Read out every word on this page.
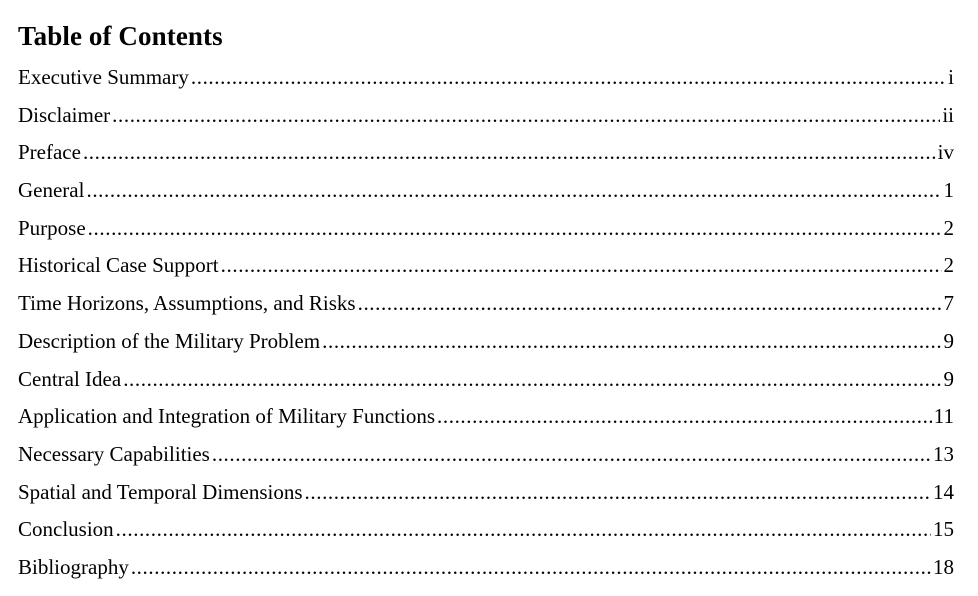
Table of Contents
Executive Summary .....	i
Disclaimer .....	ii
Preface .....	iv
General .....	1
Purpose .....	2
Historical Case Support .....	2
Time Horizons, Assumptions, and Risks .....	7
Description of the Military Problem .....	9
Central Idea .....	9
Application and Integration of Military Functions .....	11
Necessary Capabilities .....	13
Spatial and Temporal Dimensions .....	14
Conclusion .....	15
Bibliography .....	18
